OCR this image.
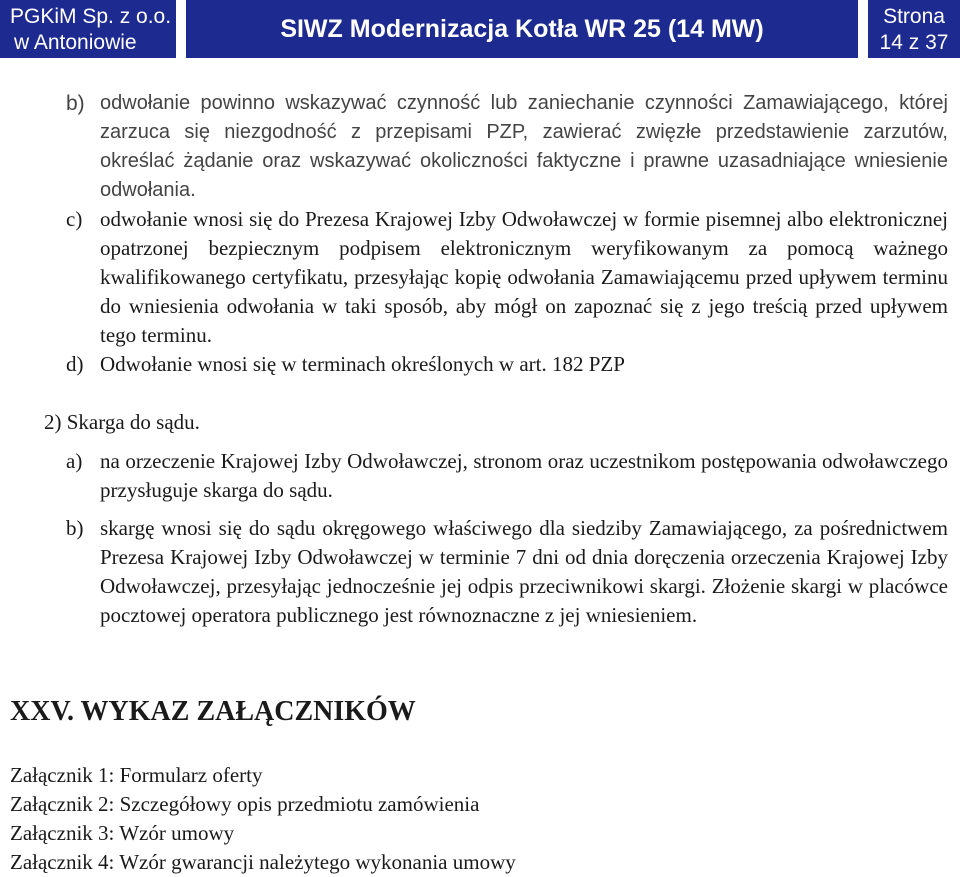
PGKiM Sp. z o.o.
w Antoniowie	SIWZ Modernizacja Kotła WR 25 (14 MW)	Strona
14 z 37
b) odwołanie powinno wskazywać czynność lub zaniechanie czynności Zamawiającego, której zarzuca się niezgodność z przepisami PZP, zawierać zwięzłe przedstawienie zarzutów, określać żądanie oraz wskazywać okoliczności faktyczne i prawne uzasadniające wniesienie odwołania.

c) odwołanie wnosi się do Prezesa Krajowej Izby Odwoławczej w formie pisemnej albo elektronicznej opatrzonej bezpiecznym podpisem elektronicznym weryfikowanym za pomocą ważnego kwalifikowanego certyfikatu, przesyłając kopię odwołania Zamawiającemu przed upływem terminu do wniesienia odwołania w taki sposób, aby mógł on zapoznać się z jego treścią przed upływem tego terminu.

d) Odwołanie wnosi się w terminach określonych w art. 182 PZP
2) Skarga do sądu.
a) na orzeczenie Krajowej Izby Odwoławczej, stronom oraz uczestnikom postępowania odwoławczego przysługuje skarga do sądu.

b) skargę wnosi się do sądu okręgowego właściwego dla siedziby Zamawiającego, za pośrednictwem Prezesa Krajowej Izby Odwoławczej w terminie 7 dni od dnia doręczenia orzeczenia Krajowej Izby Odwoławczej, przesyłając jednocześnie jej odpis przeciwnikowi skargi. Złożenie skargi w placówce pocztowej operatora publicznego jest równoznaczne z jej wniesieniem.

XXV. WYKAZ ZAŁĄCZNIKÓW
Załącznik 1: Formularz oferty
Załącznik 2: Szczegółowy opis przedmiotu zamówienia
Załącznik 3: Wzór umowy
Załącznik 4: Wzór gwarancji należytego wykonania umowy
